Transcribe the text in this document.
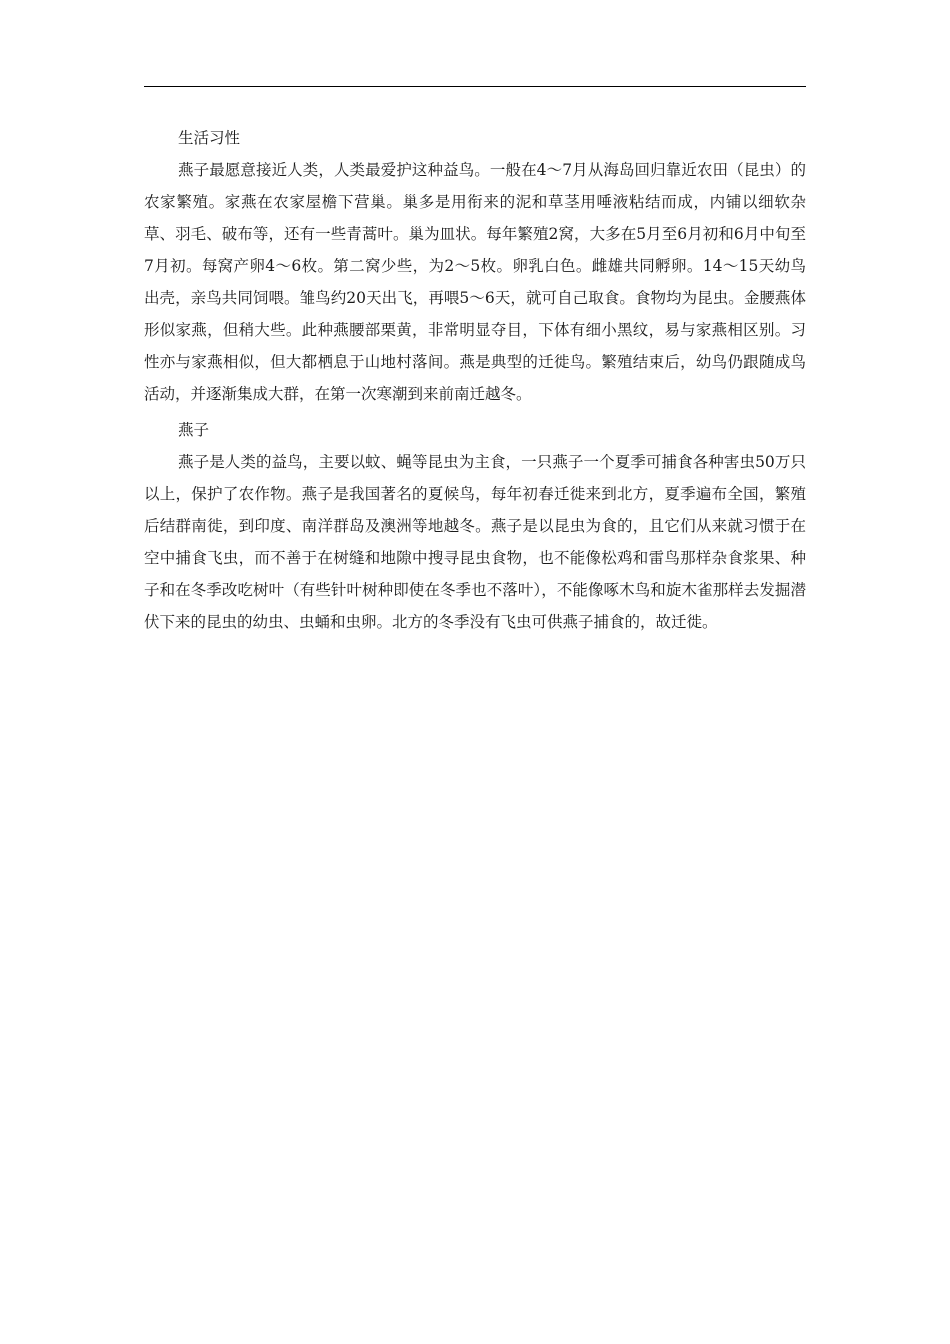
生活习性

燕子最愿意接近人类，人类最爱护这种益鸟。一般在4～7月从海岛回归靠近农田（昆虫）的农家繁殖。家燕在农家屋檐下营巢。巢多是用衔来的泥和草茎用唾液粘结而成，内铺以细软杂草、羽毛、破布等，还有一些青蒿叶。巢为皿状。每年繁殖2窝，大多在5月至6月初和6月中旬至7月初。每窝产卵4～6枚。第二窝少些，为2～5枚。卵乳白色。雌雄共同孵卵。14～15天幼鸟出壳，亲鸟共同饲喂。雏鸟约20天出飞，再喂5～6天，就可自己取食。食物均为昆虫。金腰燕体形似家燕，但稍大些。此种燕腰部栗黄，非常明显夺目，下体有细小黑纹，易与家燕相区别。习性亦与家燕相似，但大都栖息于山地村落间。燕是典型的迁徙鸟。繁殖结束后，幼鸟仍跟随成鸟活动，并逐渐集成大群，在第一次寒潮到来前南迁越冬。

燕子

燕子是人类的益鸟，主要以蚊、蝇等昆虫为主食，一只燕子一个夏季可捕食各种害虫50万只以上，保护了农作物。燕子是我国著名的夏候鸟，每年初春迁徙来到北方，夏季遍布全国，繁殖后结群南徙，到印度、南洋群岛及澳洲等地越冬。燕子是以昆虫为食的，且它们从来就习惯于在空中捕食飞虫，而不善于在树缝和地隙中搜寻昆虫食物，也不能像松鸡和雷鸟那样杂食浆果、种子和在冬季改吃树叶（有些针叶树种即使在冬季也不落叶），不能像啄木鸟和旋木雀那样去发掘潜伏下来的昆虫的幼虫、虫蛹和虫卵。北方的冬季没有飞虫可供燕子捕食的，故迁徙。
